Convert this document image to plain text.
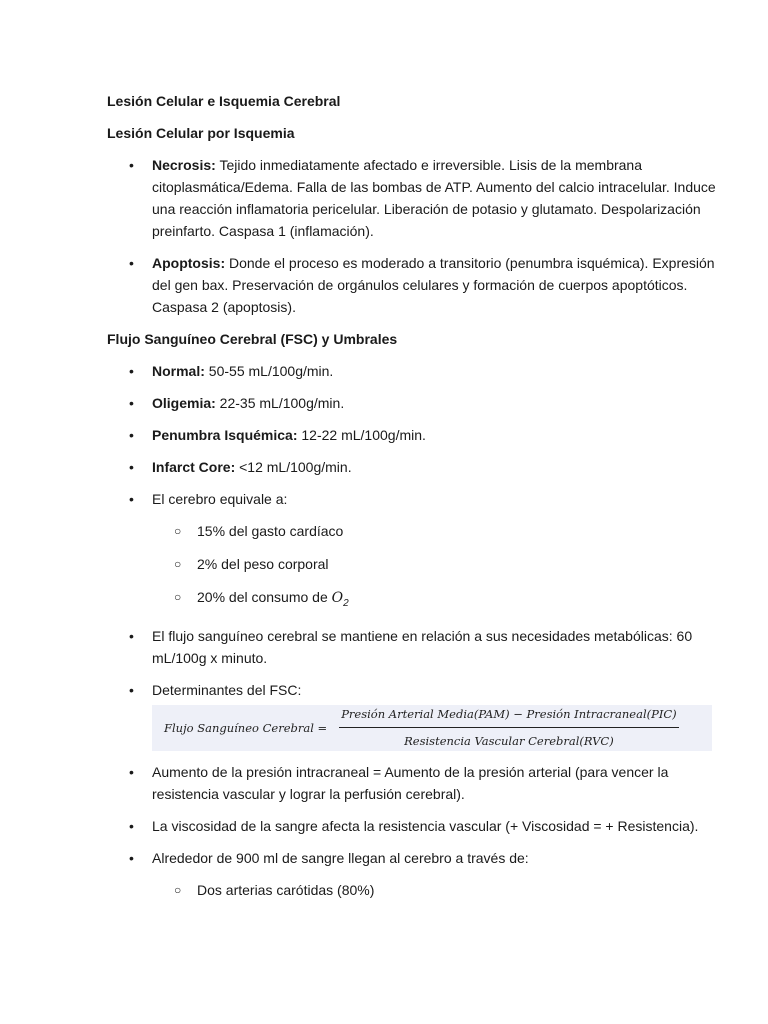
Lesión Celular e Isquemia Cerebral

Lesión Celular por Isquemia

• Necrosis: Tejido inmediatamente afectado e irreversible. Lisis de la membrana citoplasmática/Edema. Falla de las bombas de ATP. Aumento del calcio intracelular. Induce una reacción inflamatoria pericelular. Liberación de potasio y glutamato. Despolarización preinfarto. Caspasa 1 (inflamación).
• Apoptosis: Donde el proceso es moderado a transitorio (penumbra isquémica). Expresión del gen bax. Preservación de orgánulos celulares y formación de cuerpos apoptóticos. Caspasa 2 (apoptosis).

Flujo Sanguíneo Cerebral (FSC) y Umbrales

• Normal: 50-55 mL/100g/min.
• Oligemia: 22-35 mL/100g/min.
• Penumbra Isquémica: 12-22 mL/100g/min.
• Infarct Core: <12 mL/100g/min.
• El cerebro equivale a:
○ 15% del gasto cardíaco
○ 2% del peso corporal
○ 20% del consumo de $O_2$
• El flujo sanguíneo cerebral se mantiene en relación a sus necesidades metabólicas: 60 mL/100g x minuto.
• Determinantes del FSC:
Flujo Sanguíneo Cerebral = $\frac{\text{Presión Arterial Media(PAM) − Presión Intracraneal(PIC)}}{\text{Resistencia Vascular Cerebral(RVC)}}$
• Aumento de la presión intracraneal = Aumento de la presión arterial (para vencer la resistencia vascular y lograr la perfusión cerebral).
• La viscosidad de la sangre afecta la resistencia vascular (+ Viscosidad = + Resistencia).
• Alrededor de 900 ml de sangre llegan al cerebro a través de:
○ Dos arterias carótidas (80%)
